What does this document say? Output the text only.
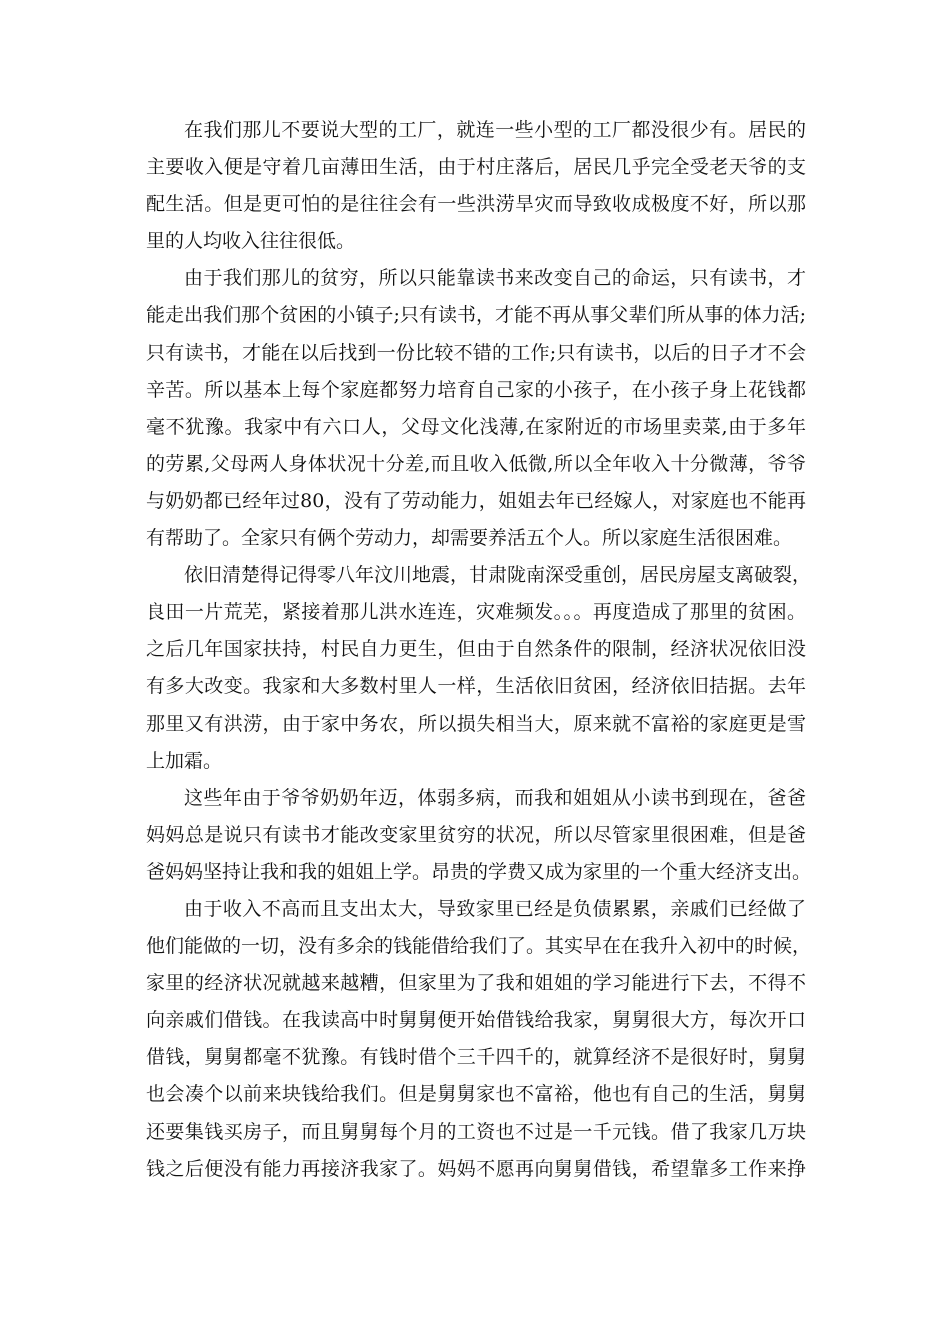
在我们那儿不要说大型的工厂，就连一些小型的工厂都没很少有。居民的
主要收入便是守着几亩薄田生活，由于村庄落后，居民几乎完全受老天爷的支
配生活。但是更可怕的是往往会有一些洪涝旱灾而导致收成极度不好，所以那
里的人均收入往往很低。
由于我们那儿的贫穷，所以只能靠读书来改变自己的命运，只有读书，才
能走出我们那个贫困的小镇子;只有读书，才能不再从事父辈们所从事的体力活;
只有读书，才能在以后找到一份比较不错的工作;只有读书，以后的日子才不会
辛苦。所以基本上每个家庭都努力培育自己家的小孩子，在小孩子身上花钱都
毫不犹豫。我家中有六口人，父母文化浅薄,在家附近的市场里卖菜,由于多年
的劳累,父母两人身体状况十分差,而且收入低微,所以全年收入十分微薄，爷爷
与奶奶都已经年过80，没有了劳动能力，姐姐去年已经嫁人，对家庭也不能再
有帮助了。全家只有俩个劳动力，却需要养活五个人。所以家庭生活很困难。
依旧清楚得记得零八年汶川地震，甘肃陇南深受重创，居民房屋支离破裂，
良田一片荒芜，紧接着那儿洪水连连，灾难频发。。。再度造成了那里的贫困。
之后几年国家扶持，村民自力更生，但由于自然条件的限制，经济状况依旧没
有多大改变。我家和大多数村里人一样，生活依旧贫困，经济依旧拮据。去年
那里又有洪涝，由于家中务农，所以损失相当大，原来就不富裕的家庭更是雪
上加霜。
这些年由于爷爷奶奶年迈，体弱多病，而我和姐姐从小读书到现在，爸爸
妈妈总是说只有读书才能改变家里贫穷的状况，所以尽管家里很困难，但是爸
爸妈妈坚持让我和我的姐姐上学。昂贵的学费又成为家里的一个重大经济支出。
由于收入不高而且支出太大，导致家里已经是负债累累，亲戚们已经做了
他们能做的一切，没有多余的钱能借给我们了。其实早在在我升入初中的时候，
家里的经济状况就越来越糟，但家里为了我和姐姐的学习能进行下去，不得不
向亲戚们借钱。在我读高中时舅舅便开始借钱给我家，舅舅很大方，每次开口
借钱，舅舅都毫不犹豫。有钱时借个三千四千的，就算经济不是很好时，舅舅
也会凑个以前来块钱给我们。但是舅舅家也不富裕，他也有自己的生活，舅舅
还要集钱买房子，而且舅舅每个月的工资也不过是一千元钱。借了我家几万块
钱之后便没有能力再接济我家了。妈妈不愿再向舅舅借钱，希望靠多工作来挣
